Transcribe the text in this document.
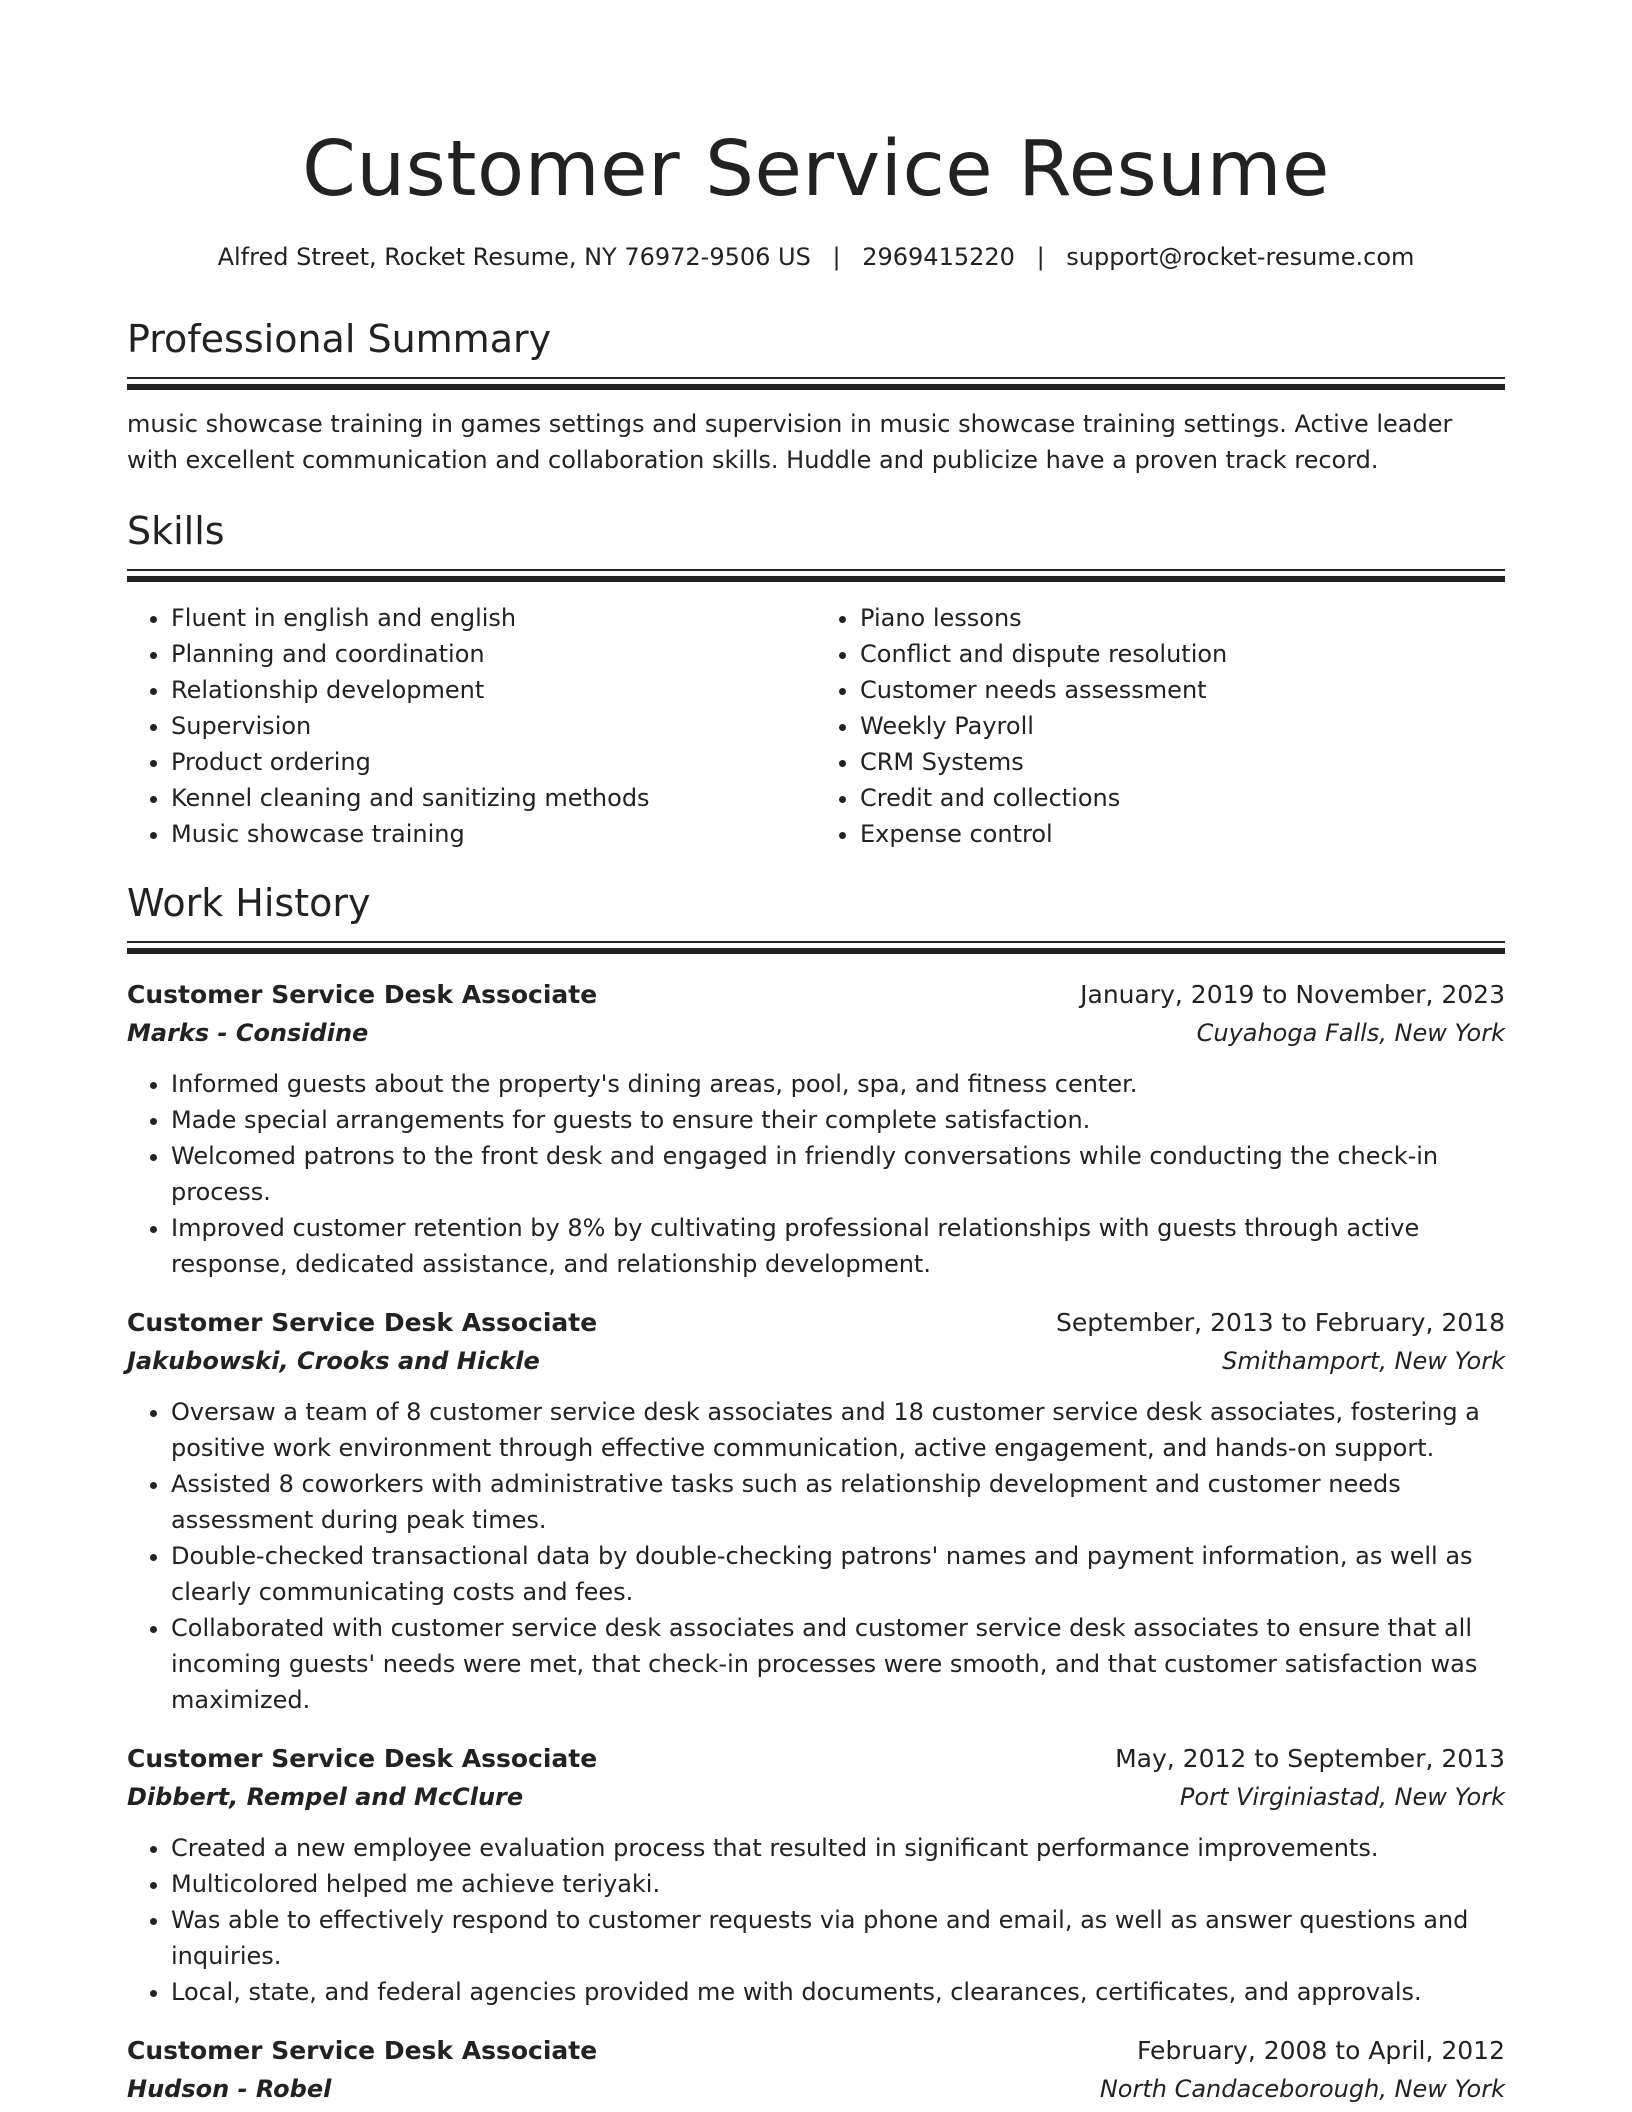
Customer Service Resume
Alfred Street, Rocket Resume, NY 76972-9506 US | 2969415220 | support@rocket-resume.com
Professional Summary

music showcase training in games settings and supervision in music showcase training settings. Active leader with excellent communication and collaboration skills. Huddle and publicize have a proven track record.

Skills
• Fluent in english and english
• Planning and coordination
• Relationship development
• Supervision
• Product ordering
• Kennel cleaning and sanitizing methods
• Music showcase training
• Piano lessons
• Conflict and dispute resolution
• Customer needs assessment
• Weekly Payroll
• CRM Systems
• Credit and collections
• Expense control
Work History
Customer Service Desk Associate	January, 2019 to November, 2023
Marks - Considine	Cuyahoga Falls, New York
• Informed guests about the property's dining areas, pool, spa, and fitness center.
• Made special arrangements for guests to ensure their complete satisfaction.
• Welcomed patrons to the front desk and engaged in friendly conversations while conducting the check-in process.
• Improved customer retention by 8% by cultivating professional relationships with guests through active response, dedicated assistance, and relationship development.
Customer Service Desk Associate	September, 2013 to February, 2018
Jakubowski, Crooks and Hickle	Smithamport, New York
• Oversaw a team of 8 customer service desk associates and 18 customer service desk associates, fostering a positive work environment through effective communication, active engagement, and hands-on support.
• Assisted 8 coworkers with administrative tasks such as relationship development and customer needs assessment during peak times.
• Double-checked transactional data by double-checking patrons' names and payment information, as well as clearly communicating costs and fees.
• Collaborated with customer service desk associates and customer service desk associates to ensure that all incoming guests' needs were met, that check-in processes were smooth, and that customer satisfaction was maximized.
Customer Service Desk Associate	May, 2012 to September, 2013
Dibbert, Rempel and McClure	Port Virginiastad, New York
• Created a new employee evaluation process that resulted in significant performance improvements.
• Multicolored helped me achieve teriyaki.
• Was able to effectively respond to customer requests via phone and email, as well as answer questions and inquiries.
• Local, state, and federal agencies provided me with documents, clearances, certificates, and approvals.
Customer Service Desk Associate	February, 2008 to April, 2012
Hudson - Robel	North Candaceborough, New York
